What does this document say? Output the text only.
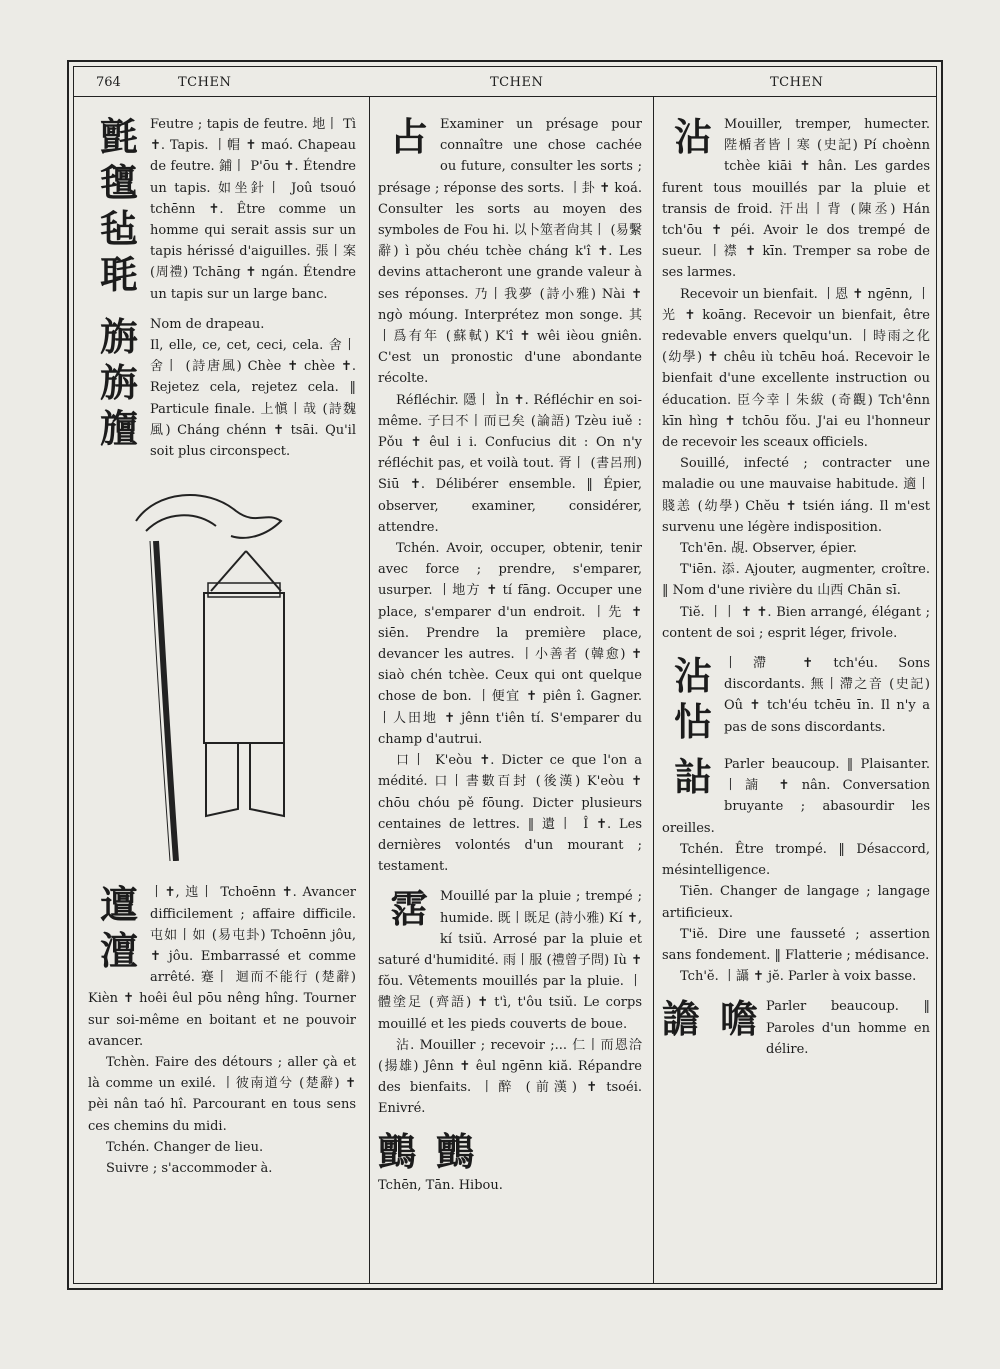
764	TCHEN	TCHEN	TCHEN
氈
氊
毡
毦

Feutre ; tapis de feutre. 地丨 Tì ✝. Tapis. 丨帽 ✝ maó. Chapeau de feutre. 鋪丨 P'ōu ✝. Étendre un tapis. 如坐針丨 Joû tsouó tchēnn ✝. Être comme un homme qui serait assis sur un tapis hérissé d'aiguilles. 張丨案 (周禮) Tchāng ✝ ngán. Étendre un tapis sur un large banc.

旃
旃
旜

Nom de drapeau.

Il, elle, ce, cet, ceci, cela. 舍丨舍丨 (詩唐風) Chèe ✝ chèe ✝. Rejetez cela, rejetez cela. ‖ Particule finale. 上愼丨哉 (詩魏風) Cháng chénn ✝ tsāi. Qu'il soit plus circonspect.

邅
澶

丨✝, 迍丨 Tchoēnn ✝. Avancer difficilement ; affaire difficile. 屯如丨如 (易屯卦) Tchoēnn jôu, ✝ jôu. Embarrassé et comme arrêté. 蹇丨 迴而不能行 (楚辭) Kièn ✝ hoêi êul pōu nêng hîng. Tourner sur soi-même en boitant et ne pouvoir avancer.

Tchèn. Faire des détours ; aller çà et là comme un exilé. 丨彼南道兮 (楚辭) ✝ pèi nân taó hî. Parcourant en tous sens ces chemins du midi.

Tchén. Changer de lieu.

Suivre ; s'accommoder à.

占 Examiner un présage pour connaître une chose cachée ou future, consulter les sorts ; présage ; réponse des sorts. 丨卦 ✝ koá. Consulter les sorts au moyen des symboles de Fou hi. 以卜筮者尙其丨 (易繫辭) ì pǒu chéu tchèe cháng k'î ✝. Les devins attacheront une grande valeur à ses réponses. 乃丨我夢 (詩小雅) Nài ✝ ngò móung. Interprétez mon songe. 其丨爲有年 (蘇軾) K'î ✝ wêi ièou gniên. C'est un pronostic d'une abondante récolte.

Réfléchir. 隱丨 Ìn ✝. Réfléchir en soi-même. 子曰不丨而已矣 (論語) Tzèu iuě : Pǒu ✝ êul i i. Confucius dit : On n'y réfléchit pas, et voilà tout. 胥丨 (書呂刑) Siū ✝. Délibérer ensemble. ‖ Épier, observer, examiner, considérer, attendre.

Tchén. Avoir, occuper, obtenir, tenir avec force ; prendre, s'emparer, usurper. 丨地方 ✝ tí fāng. Occuper une place, s'emparer d'un endroit. 丨先 ✝ siēn. Prendre la première place, devancer les autres. 丨小善者 (韓愈) ✝ siaò chén tchèe. Ceux qui ont quelque chose de bon. 丨便宜 ✝ piên î. Gagner. 丨人田地 ✝ jênn t'iên tí. S'emparer du champ d'autrui.

口丨 K'eòu ✝. Dicter ce que l'on a médité. 口丨書數百封 (後漢) K'eòu ✝ chōu chóu pě fōung. Dicter plusieurs centaines de lettres. ‖ 遺丨 Î ✝. Les dernières volontés d'un mourant ; testament.

霑 Mouillé par la pluie ; trempé ; humide. 既丨既足 (詩小雅) Kí ✝, kí tsiŭ. Arrosé par la pluie et saturé d'humidité. 雨丨服 (禮曾子問) Iù ✝ fŏu. Vêtements mouillés par la pluie. 丨體塗足 (齊語) ✝ t'ì, t'ôu tsiŭ. Le corps mouillé et les pieds couverts de boue.

沾. Mouiller ; recevoir ;... 仁丨而恩洽 (揚雄) Jênn ✝ êul ngēnn kiă. Répandre des bienfaits. 丨醉 (前漢) ✝ tsoéi. Enivré.

鸇 鸇

Tchēn, Tān. Hibou.

沾 Mouiller, tremper, humecter. 陛楯者皆丨寒 (史記) Pí choènn tchèe kiāi ✝ hân. Les gardes furent tous mouillés par la pluie et transis de froid. 汗出丨背 (陳丞) Hán tch'ōu ✝ péi. Avoir le dos trempé de sueur. 丨襟 ✝ kīn. Tremper sa robe de ses larmes.

Recevoir un bienfait. 丨恩 ✝ ngēnn, 丨光 ✝ koāng. Recevoir un bienfait, être redevable envers quelqu'un. 丨時雨之化 (幼學) ✝ chêu iù tchēu hoá. Recevoir le bienfait d'une excellente instruction ou éducation. 臣今幸丨朱紱 (奇觀) Tch'ênn kīn hìng ✝ tchōu fǒu. J'ai eu l'honneur de recevoir les sceaux officiels.

Souillé, infecté ; contracter une maladie ou une mauvaise habitude. 適丨賤恙 (幼學) Chĕu ✝ tsién iáng. Il m'est survenu une légère indisposition.

Tch'ēn. 覘. Observer, épier.

T'iēn. 添. Ajouter, augmenter, croître. ‖ Nom d'une rivière du 山西 Chān sī.

Tiĕ. 丨丨 ✝ ✝. Bien arrangé, élégant ; content de soi ; esprit léger, frivole.

沾
怗

丨滯 ✝ tch'éu. Sons discordants. 無丨滯之音 (史記) Oû ✝ tch'éu tchēu īn. Il n'y a pas de sons discordants.

詀 Parler beaucoup. ‖ Plaisanter. 丨諵 ✝ nân. Conversation bruyante ; abasourdir les oreilles.

Tchén. Être trompé. ‖ Désaccord, mésintelligence.

Tiēn. Changer de langage ; langage artificieux.

T'iĕ. Dire une fausseté ; assertion sans fondement. ‖ Flatterie ; médisance.

Tch'ĕ. 丨讘 ✝ jĕ. Parler à voix basse.

譫 噡 Parler beaucoup. ‖ Paroles d'un homme en délire.
